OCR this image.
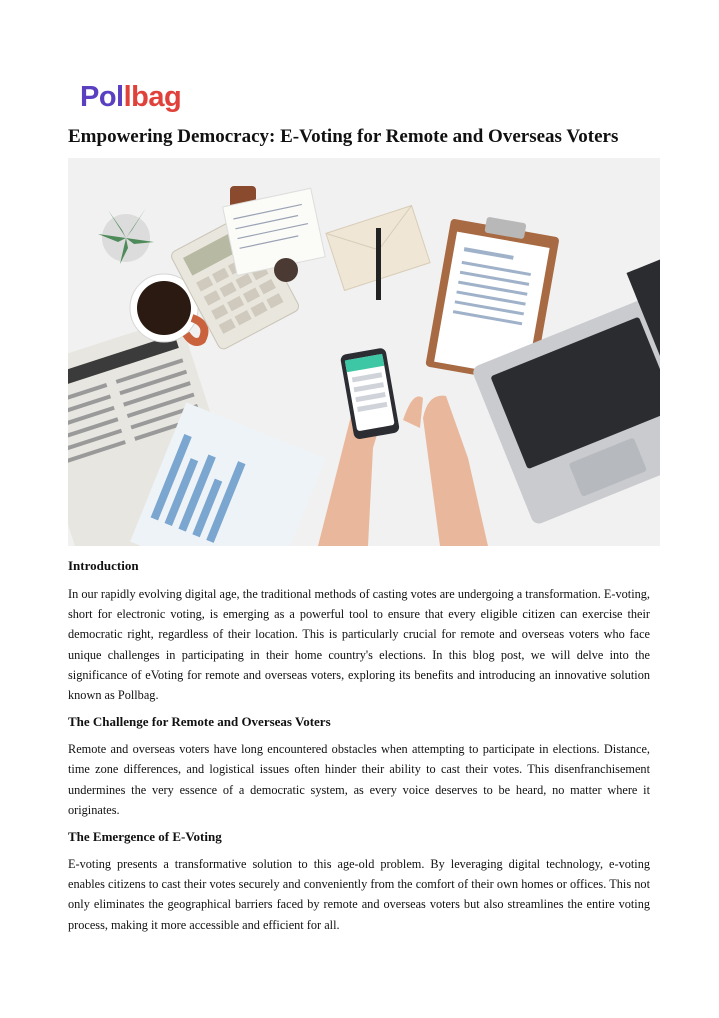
Pollbag
Empowering Democracy: E-Voting for Remote and Overseas Voters
Introduction

In our rapidly evolving digital age, the traditional methods of casting votes are undergoing a transformation. E-voting, short for electronic voting, is emerging as a powerful tool to ensure that every eligible citizen can exercise their democratic right, regardless of their location. This is particularly crucial for remote and overseas voters who face unique challenges in participating in their home country's elections. In this blog post, we will delve into the significance of eVoting for remote and overseas voters, exploring its benefits and introducing an innovative solution known as Pollbag.

The Challenge for Remote and Overseas Voters

Remote and overseas voters have long encountered obstacles when attempting to participate in elections. Distance, time zone differences, and logistical issues often hinder their ability to cast their votes. This disenfranchisement undermines the very essence of a democratic system, as every voice deserves to be heard, no matter where it originates.

The Emergence of E-Voting

E-voting presents a transformative solution to this age-old problem. By leveraging digital technology, e-voting enables citizens to cast their votes securely and conveniently from the comfort of their own homes or offices. This not only eliminates the geographical barriers faced by remote and overseas voters but also streamlines the entire voting process, making it more accessible and efficient for all.
